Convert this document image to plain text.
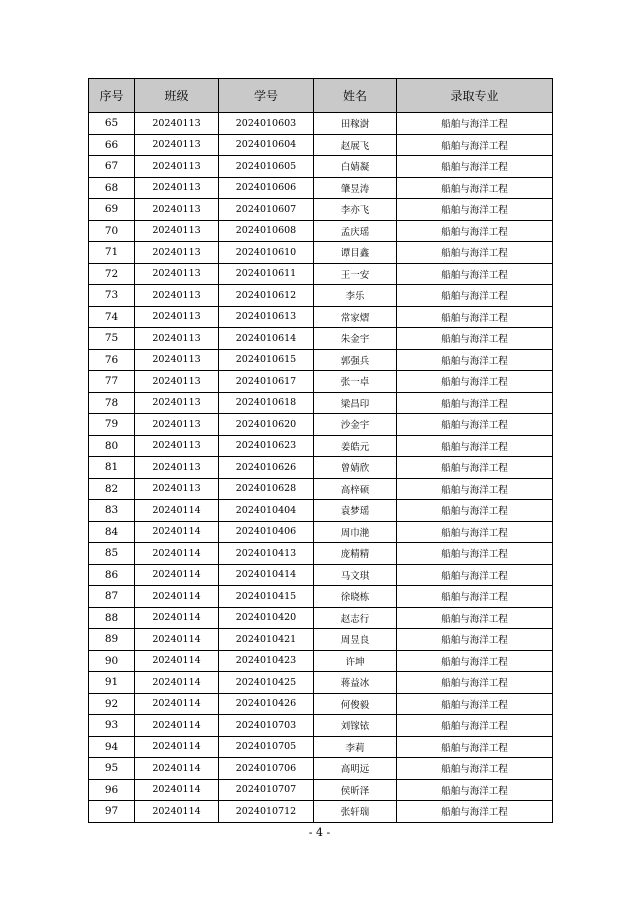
序号	班级	学号	姓名	录取专业
65	20240113	2024010603	田稼澍	船舶与海洋工程
66	20240113	2024010604	赵展飞	船舶与海洋工程
67	20240113	2024010605	白婧凝	船舶与海洋工程
68	20240113	2024010606	肇昱涛	船舶与海洋工程
69	20240113	2024010607	李亦飞	船舶与海洋工程
70	20240113	2024010608	孟庆瑶	船舶与海洋工程
71	20240113	2024010610	谭目鑫	船舶与海洋工程
72	20240113	2024010611	王一安	船舶与海洋工程
73	20240113	2024010612	李乐	船舶与海洋工程
74	20240113	2024010613	常家熠	船舶与海洋工程
75	20240113	2024010614	朱金宇	船舶与海洋工程
76	20240113	2024010615	郭强兵	船舶与海洋工程
77	20240113	2024010617	张一卓	船舶与海洋工程
78	20240113	2024010618	梁昌印	船舶与海洋工程
79	20240113	2024010620	沙金宇	船舶与海洋工程
80	20240113	2024010623	姜皓元	船舶与海洋工程
81	20240113	2024010626	曾婧欣	船舶与海洋工程
82	20240113	2024010628	高梓硕	船舶与海洋工程
83	20240114	2024010404	袁梦瑶	船舶与海洋工程
84	20240114	2024010406	周巾滟	船舶与海洋工程
85	20240114	2024010413	庞精精	船舶与海洋工程
86	20240114	2024010414	马文琪	船舶与海洋工程
87	20240114	2024010415	徐晓栋	船舶与海洋工程
88	20240114	2024010420	赵志行	船舶与海洋工程
89	20240114	2024010421	周昱良	船舶与海洋工程
90	20240114	2024010423	许坤	船舶与海洋工程
91	20240114	2024010425	蒋益冰	船舶与海洋工程
92	20240114	2024010426	何俊毅	船舶与海洋工程
93	20240114	2024010703	刘镓铱	船舶与海洋工程
94	20240114	2024010705	李莉	船舶与海洋工程
95	20240114	2024010706	高明远	船舶与海洋工程
96	20240114	2024010707	侯昕泽	船舶与海洋工程
97	20240114	2024010712	张轩瑞	船舶与海洋工程
- 4 -
